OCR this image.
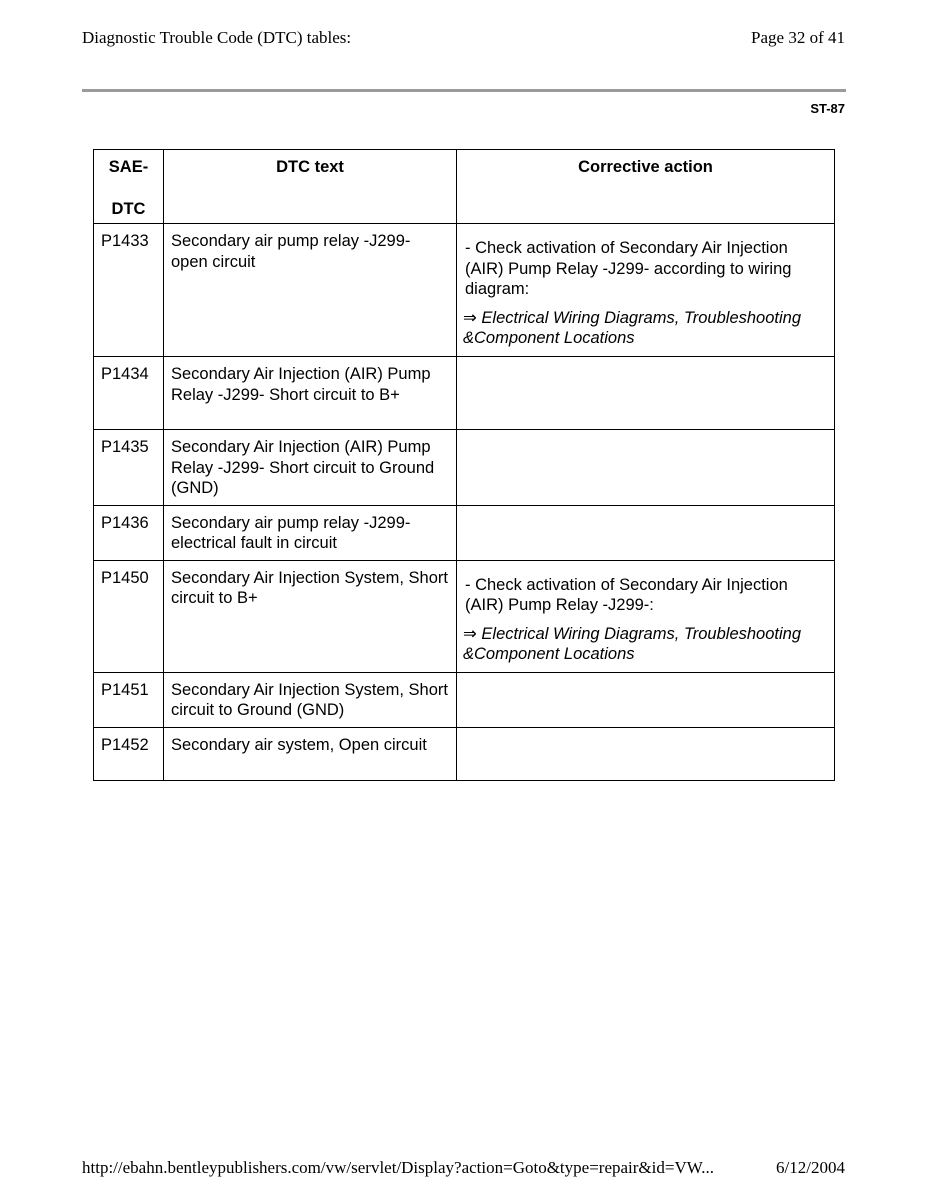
Diagnostic Trouble Code (DTC) tables:	Page 32 of 41
ST-87
SAE-
DTC	DTC text	Corrective action

P1433	Secondary air pump relay -J299- open circuit	- Check activation of Secondary Air Injection (AIR) Pump Relay -J299- according to wiring diagram:
⇒ Electrical Wiring Diagrams, Troubleshooting &Component Locations

P1434	Secondary Air Injection (AIR) Pump Relay -J299- Short circuit to B+	
P1435	Secondary Air Injection (AIR) Pump Relay -J299- Short circuit to Ground (GND)	
P1436	Secondary air pump relay -J299- electrical fault in circuit	
P1450	Secondary Air Injection System, Short circuit to B+	- Check activation of Secondary Air Injection (AIR) Pump Relay -J299-:
⇒ Electrical Wiring Diagrams, Troubleshooting &Component Locations

P1451	Secondary Air Injection System, Short circuit to Ground (GND)	
P1452	Secondary air system, Open circuit	
http://ebahn.bentleypublishers.com/vw/servlet/Display?action=Goto&type=repair&id=VW...	6/12/2004
